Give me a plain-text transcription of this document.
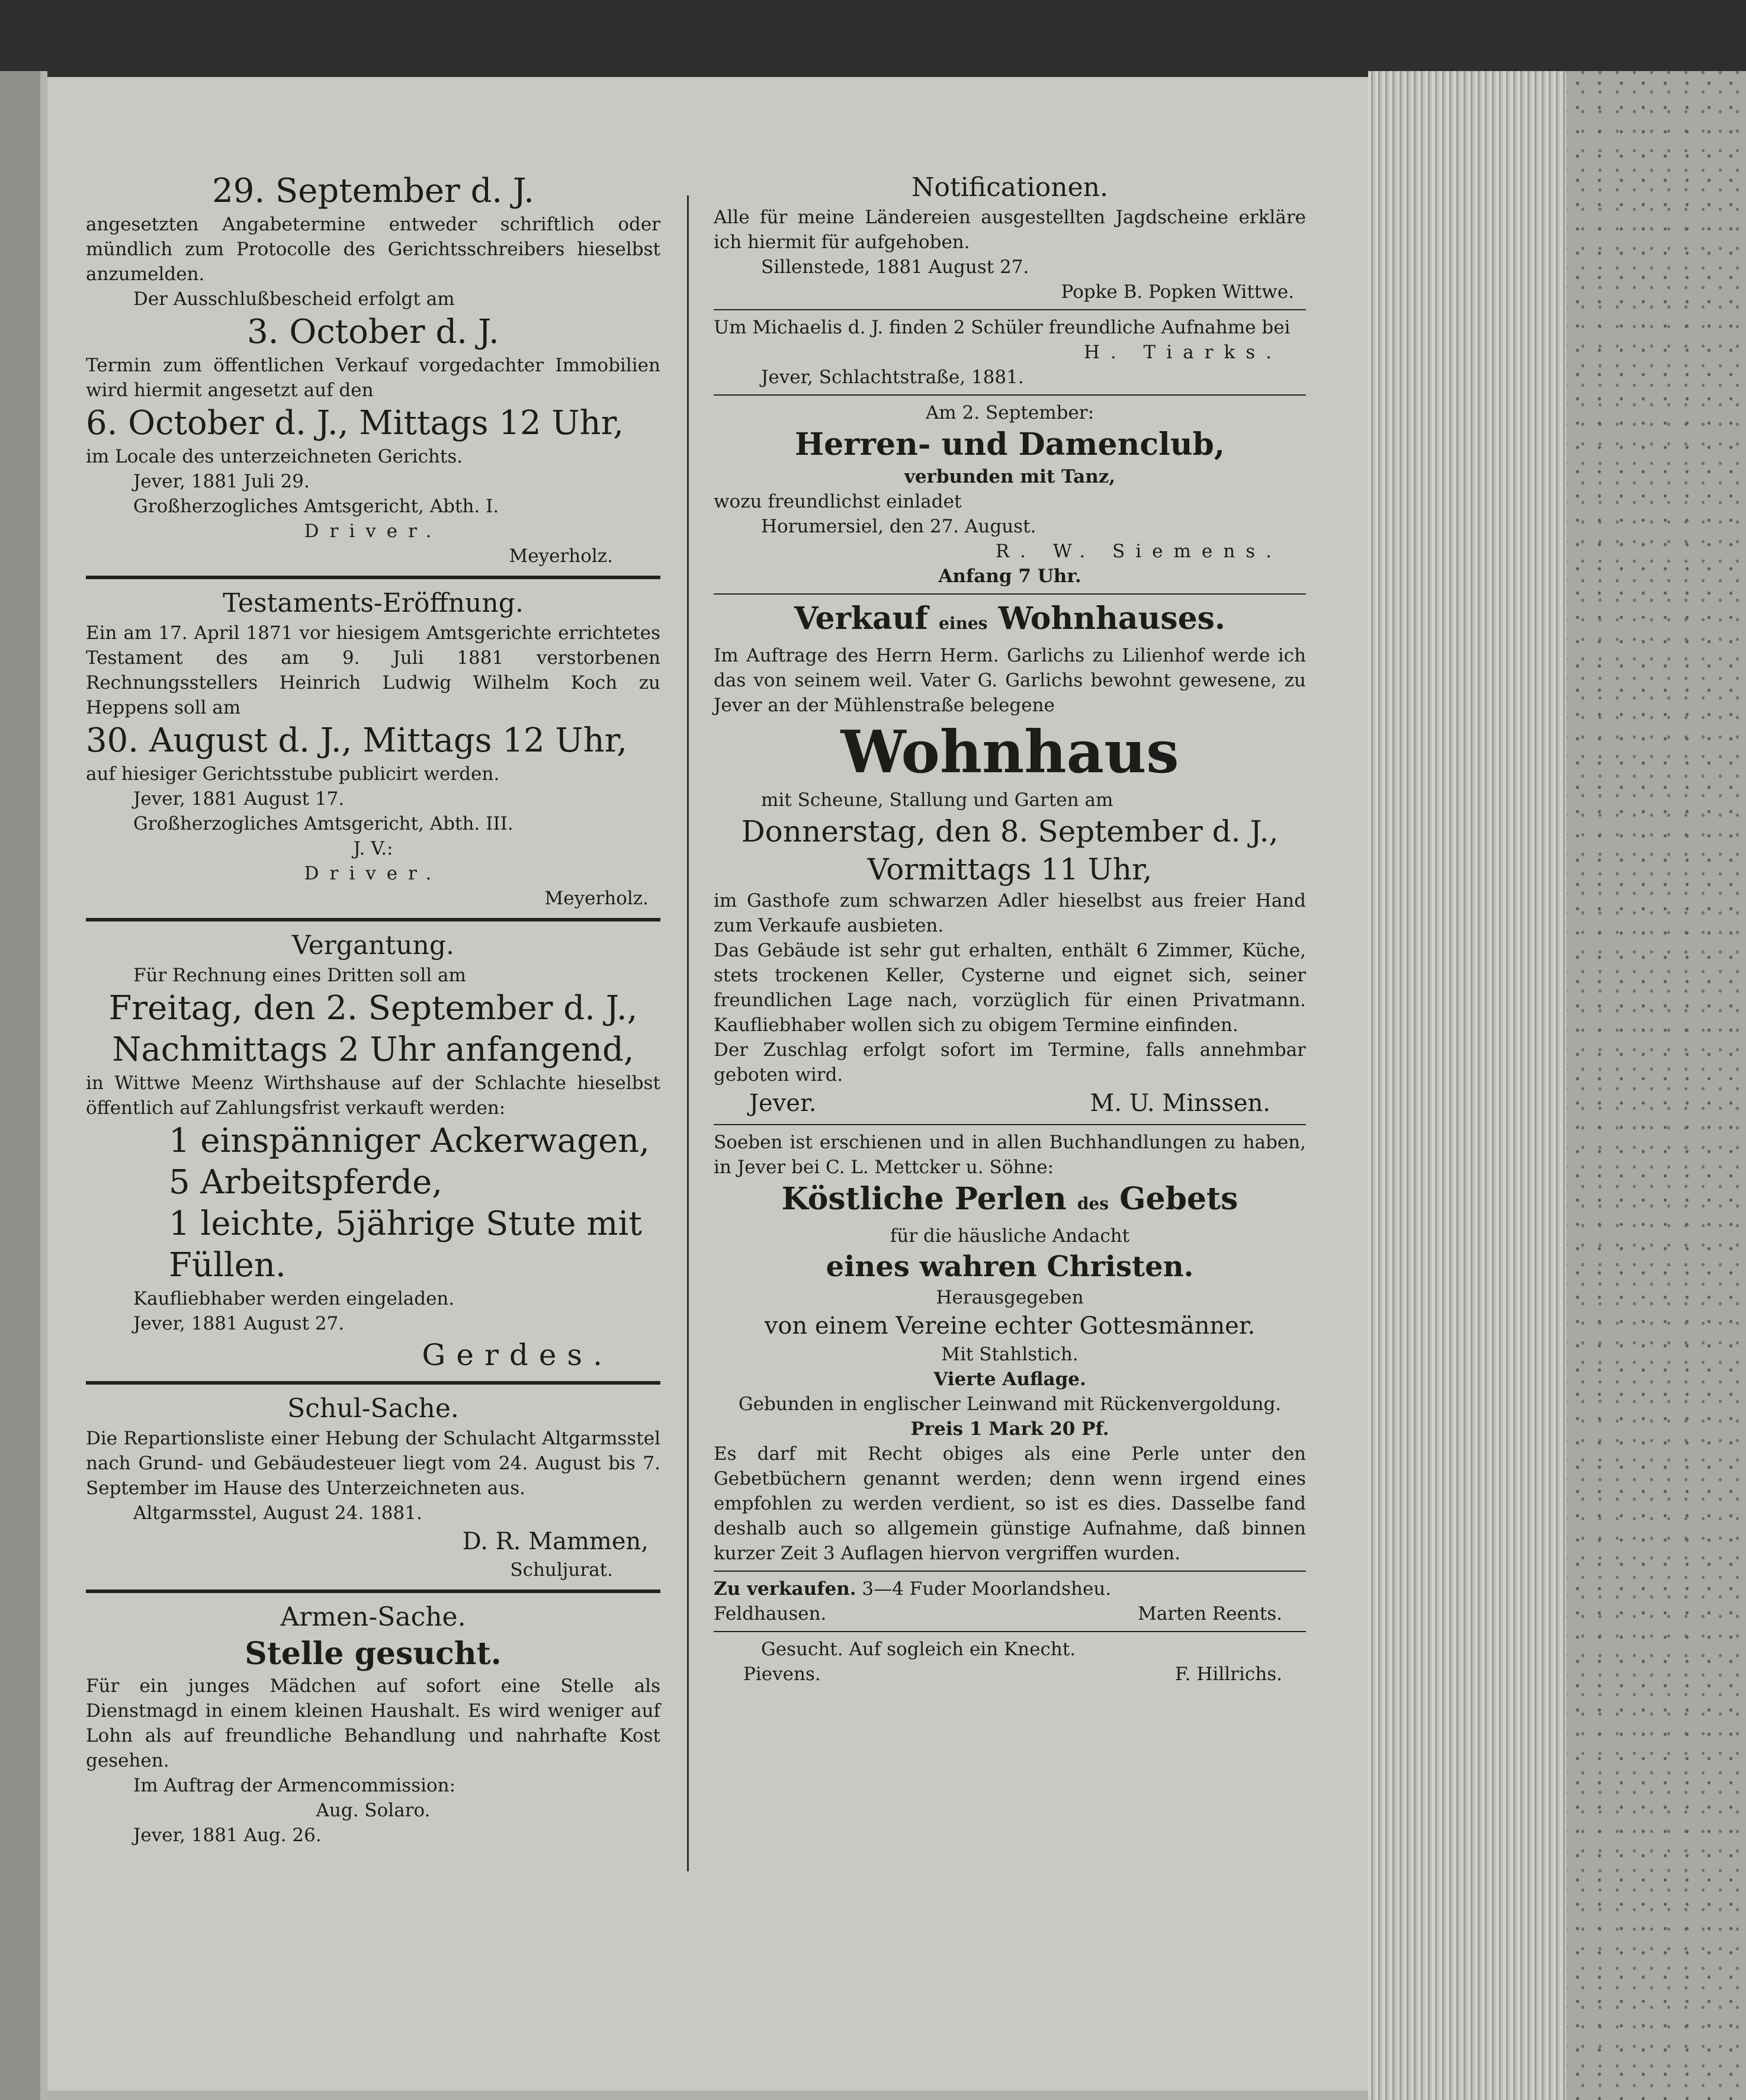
29. September d. J.

angesetzten Angabetermine entweder schriftlich oder mündlich zum Protocolle des Gerichtsschreibers hieselbst anzumelden.

Der Ausschlußbescheid erfolgt am

3. October d. J.

Termin zum öffentlichen Verkauf vorgedachter Immobilien wird hiermit angesetzt auf den

6. October d. J., Mittags 12 Uhr,

im Locale des unterzeichneten Gerichts.

Jever, 1881 Juli 29.

Großherzogliches Amtsgericht, Abth. I.

Driver.

Meyerholz.

Testaments-Eröffnung.

Ein am 17. April 1871 vor hiesigem Amtsgerichte errichtetes Testament des am 9. Juli 1881 verstorbenen Rechnungsstellers Heinrich Ludwig Wilhelm Koch zu Heppens soll am

30. August d. J., Mittags 12 Uhr,

auf hiesiger Gerichtsstube publicirt werden.

Jever, 1881 August 17.

Großherzogliches Amtsgericht, Abth. III.

J. V.:

Driver.

Meyerholz.

Vergantung.

Für Rechnung eines Dritten soll am

Freitag, den 2. September d. J.,

Nachmittags 2 Uhr anfangend,

in Wittwe Meenz Wirthshause auf der Schlachte hieselbst öffentlich auf Zahlungsfrist verkauft werden:

1 einspänniger Ackerwagen,

5 Arbeitspferde,

1 leichte, 5jährige Stute mit

Füllen.

Kaufliebhaber werden eingeladen.

Jever, 1881 August 27.

Gerdes.

Schul-Sache.

Die Repartionsliste einer Hebung der Schulacht Altgarmsstel nach Grund- und Gebäudesteuer liegt vom 24. August bis 7. September im Hause des Unterzeichneten aus.

Altgarmsstel, August 24. 1881.

D. R. Mammen,

Schuljurat.

Armen-Sache.

Stelle gesucht.

Für ein junges Mädchen auf sofort eine Stelle als Dienstmagd in einem kleinen Haushalt. Es wird weniger auf Lohn als auf freundliche Behandlung und nahrhafte Kost gesehen.

Im Auftrag der Armencommission:

Aug. Solaro.

Jever, 1881 Aug. 26.

Notificationen.

Alle für meine Ländereien ausgestellten Jagdscheine erkläre ich hiermit für aufgehoben.

Sillenstede, 1881 August 27.

Popke B. Popken Wittwe.

Um Michaelis d. J. finden 2 Schüler freundliche Aufnahme bei

H. Tiarks.

Jever, Schlachtstraße, 1881.

Am 2. September:

Herren- und Damenclub,

verbunden mit Tanz,

wozu freundlichst einladet

Horumersiel, den 27. August.

R. W. Siemens.

Anfang 7 Uhr.

Verkauf eines Wohnhauses.

Im Auftrage des Herrn Herm. Garlichs zu Lilienhof werde ich das von seinem weil. Vater G. Garlichs bewohnt gewesene, zu Jever an der Mühlenstraße belegene

Wohnhaus

mit Scheune, Stallung und Garten am

Donnerstag, den 8. September d. J.,

Vormittags 11 Uhr,

im Gasthofe zum schwarzen Adler hieselbst aus freier Hand zum Verkaufe ausbieten.

Das Gebäude ist sehr gut erhalten, enthält 6 Zimmer, Küche, stets trockenen Keller, Cysterne und eignet sich, seiner freundlichen Lage nach, vorzüglich für einen Privatmann. Kaufliebhaber wollen sich zu obigem Termine einfinden.

Der Zuschlag erfolgt sofort im Termine, falls annehmbar geboten wird.

Jever.	M. U. Minssen.

Soeben ist erschienen und in allen Buchhandlungen zu haben, in Jever bei C. L. Mettcker u. Söhne:

Köstliche Perlen des Gebets

für die häusliche Andacht

eines wahren Christen.

Herausgegeben

von einem Vereine echter Gottesmänner.

Mit Stahlstich.

Vierte Auflage.

Gebunden in englischer Leinwand mit Rückenvergoldung.

Preis 1 Mark 20 Pf.

Es darf mit Recht obiges als eine Perle unter den Gebetbüchern genannt werden; denn wenn irgend eines empfohlen zu werden verdient, so ist es dies. Dasselbe fand deshalb auch so allgemein günstige Aufnahme, daß binnen kurzer Zeit 3 Auflagen hiervon vergriffen wurden.

Zu verkaufen. 3—4 Fuder Moorlandsheu.

Feldhausen.	Marten Reents.

Gesucht. Auf sogleich ein Knecht.

Pievens.	F. Hillrichs.
